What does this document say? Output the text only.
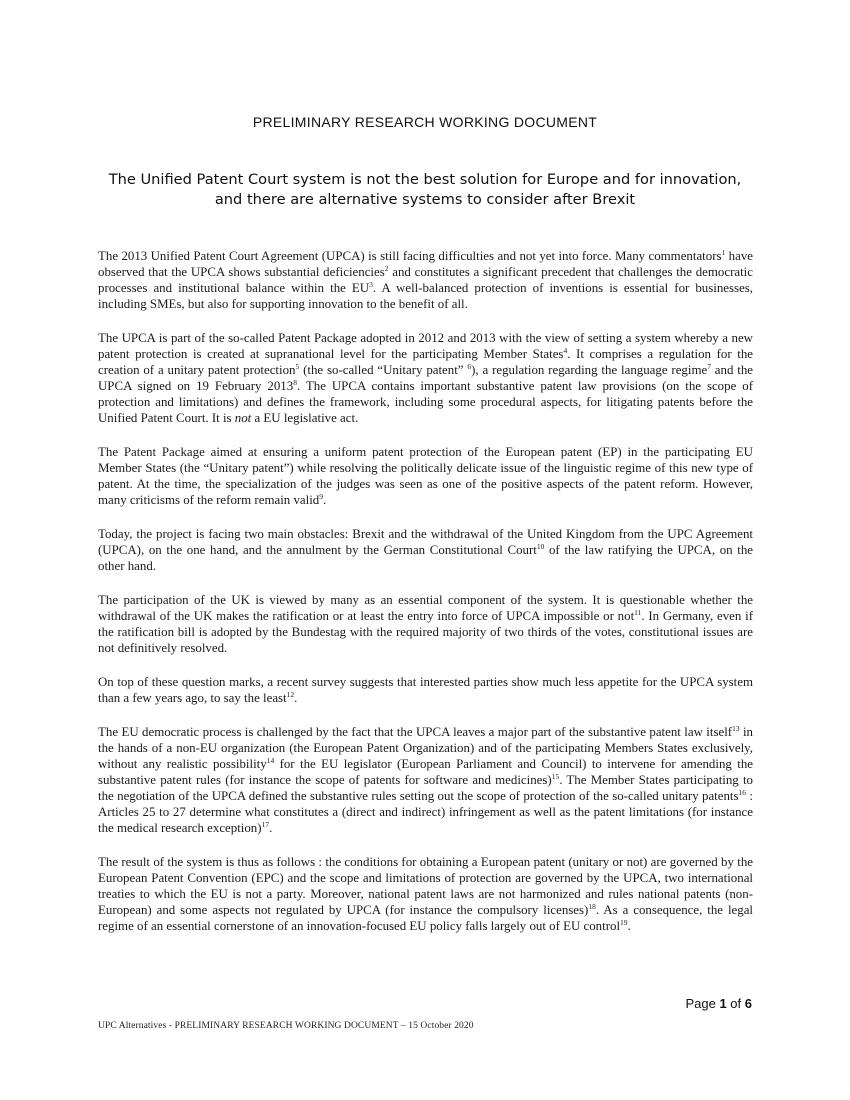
PRELIMINARY RESEARCH WORKING DOCUMENT
The Unified Patent Court system is not the best solution for Europe and for innovation,
and there are alternative systems to consider after Brexit

The 2013 Unified Patent Court Agreement (UPCA) is still facing difficulties and not yet into force. Many commentators$^1$ have observed that the UPCA shows substantial deficiencies$^2$ and constitutes a significant precedent that challenges the democratic processes and institutional balance within the $EU^3$. A well-balanced protection of inventions is essential for businesses, including SMEs, but also for supporting innovation to the benefit of all.

The UPCA is part of the so-called Patent Package adopted in 2012 and 2013 with the view of setting a system whereby a new patent protection is created at supranational level for the participating Member States$^4$. It comprises a regulation for the creation of a unitary patent protection$^5$ (the so-called “Unitary patent” $^6$), a regulation regarding the language regime$^7$ and the UPCA signed on 19 February 2013$^8$. The UPCA contains important substantive patent law provisions (on the scope of protection and limitations) and defines the framework, including some procedural aspects, for litigating patents before the Unified Patent Court. It is not a EU legislative act.

The Patent Package aimed at ensuring a uniform patent protection of the European patent (EP) in the participating EU Member States (the “Unitary patent”) while resolving the politically delicate issue of the linguistic regime of this new type of patent. At the time, the specialization of the judges was seen as one of the positive aspects of the patent reform. However, many criticisms of the reform remain valid$^9$.

Today, the project is facing two main obstacles: Brexit and the withdrawal of the United Kingdom from the UPC Agreement (UPCA), on the one hand, and the annulment by the German Constitutional Court$^{10}$ of the law ratifying the UPCA, on the other hand.

The participation of the UK is viewed by many as an essential component of the system. It is questionable whether the withdrawal of the UK makes the ratification or at least the entry into force of UPCA impossible or not$^{11}$. In Germany, even if the ratification bill is adopted by the Bundestag with the required majority of two thirds of the votes, constitutional issues are not definitively resolved.

On top of these question marks, a recent survey suggests that interested parties show much less appetite for the UPCA system than a few years ago, to say the least$^{12}$.

The EU democratic process is challenged by the fact that the UPCA leaves a major part of the substantive patent law itself$^{13}$ in the hands of a non-EU organization (the European Patent Organization) and of the participating Members States exclusively, without any realistic possibility$^{14}$ for the EU legislator (European Parliament and Council) to intervene for amending the substantive patent rules (for instance the scope of patents for software and medicines)$^{15}$. The Member States participating to the negotiation of the UPCA defined the substantive rules setting out the scope of protection of the so-called unitary patents$^{16}$ : Articles 25 to 27 determine what constitutes a (direct and indirect) infringement as well as the patent limitations (for instance the medical research exception)$^{17}$.

The result of the system is thus as follows : the conditions for obtaining a European patent (unitary or not) are governed by the European Patent Convention (EPC) and the scope and limitations of protection are governed by the UPCA, two international treaties to which the EU is not a party. Moreover, national patent laws are not harmonized and rules national patents (non-European) and some aspects not regulated by UPCA (for instance the compulsory licenses)$^{18}$. As a consequence, the legal regime of an essential cornerstone of an innovation-focused EU policy falls largely out of EU control$^{19}$.

Page 1 of 6
UPC Alternatives - PRELIMINARY RESEARCH WORKING DOCUMENT – 15 October 2020
